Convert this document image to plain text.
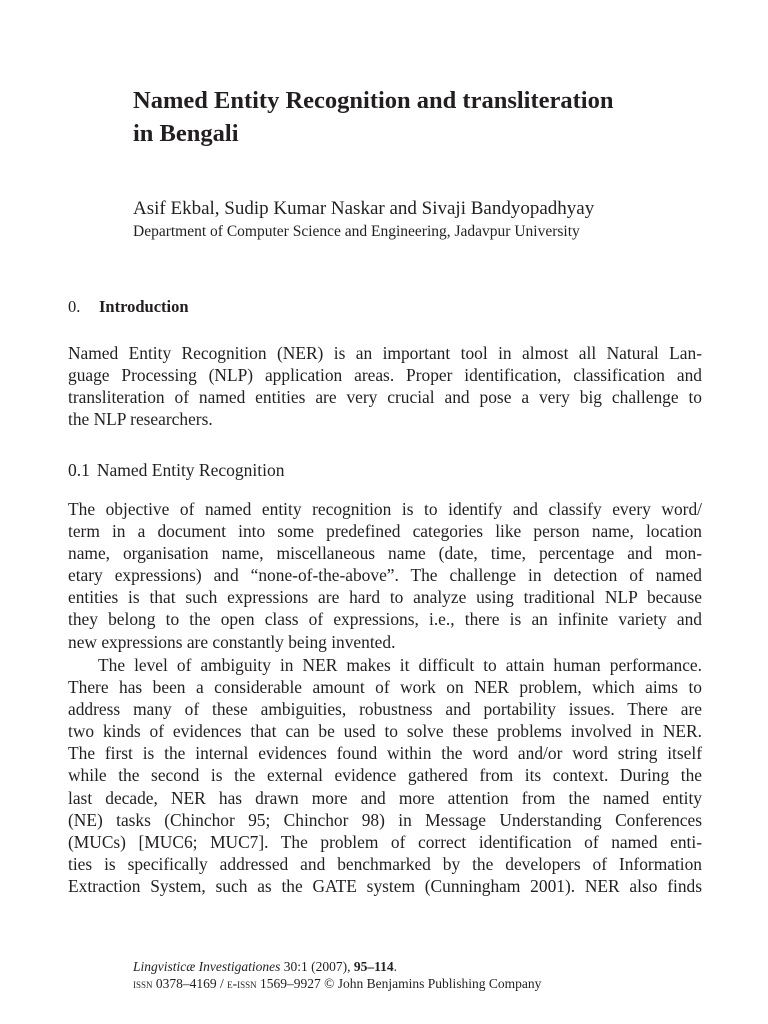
Named Entity Recognition and transliteration
in Bengali
Asif Ekbal, Sudip Kumar Naskar and Sivaji Bandyopadhyay
Department of Computer Science and Engineering, Jadavpur University
0. Introduction
Named Entity Recognition (NER) is an important tool in almost all Natural Lan-
guage Processing (NLP) application areas. Proper identification, classification and
transliteration of named entities are very crucial and pose a very big challenge to
the NLP researchers.
0.1 Named Entity Recognition
The objective of named entity recognition is to identify and classify every word/
term in a document into some predefined categories like person name, location
name, organisation name, miscellaneous name (date, time, percentage and mon-
etary expressions) and “none-of-the-above”. The challenge in detection of named
entities is that such expressions are hard to analyze using traditional NLP because
they belong to the open class of expressions, i.e., there is an infinite variety and
new expressions are constantly being invented.
The level of ambiguity in NER makes it difficult to attain human performance.
There has been a considerable amount of work on NER problem, which aims to
address many of these ambiguities, robustness and portability issues. There are
two kinds of evidences that can be used to solve these problems involved in NER.
The first is the internal evidences found within the word and/or word string itself
while the second is the external evidence gathered from its context. During the
last decade, NER has drawn more and more attention from the named entity
(NE) tasks (Chinchor 95; Chinchor 98) in Message Understanding Conferences
(MUCs) [MUC6; MUC7]. The problem of correct identification of named enti-
ties is specifically addressed and benchmarked by the developers of Information
Extraction System, such as the GATE system (Cunningham 2001). NER also finds
Lingvisticæ Investigationes 30:1 (2007), 95–114.
issn 0378–4169 / e-issn 1569–9927 © John Benjamins Publishing Company
